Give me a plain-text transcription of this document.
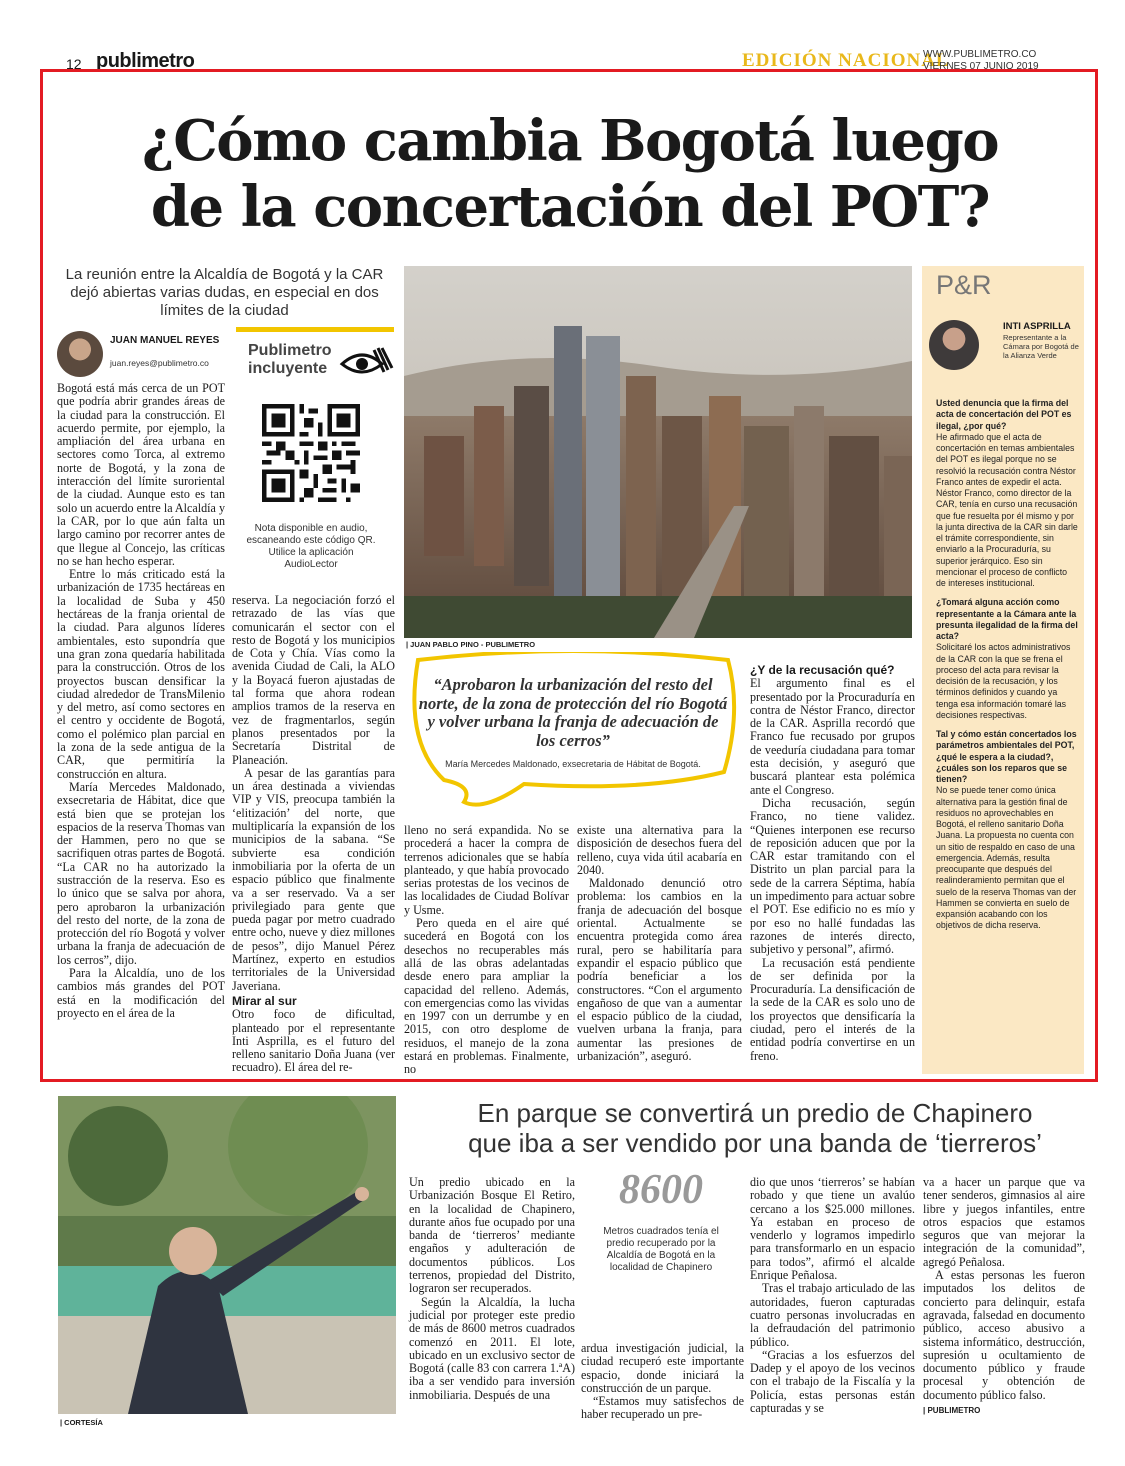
12 publimetro	EDICIÓN NACIONAL
WWW.PUBLIMETRO.CO
VIERNES 07 JUNIO 2019
¿Cómo cambia Bogotá luego
de la concertación del POT?
La reunión entre la Alcaldía de Bogotá y la CAR dejó abiertas varias dudas, en especial en dos límites de la ciudad
JUAN MANUEL REYES
juan.reyes@publimetro.co
Publimetro incluyente
Nota disponible en audio, escaneando este código QR. Utilice la aplicación AudioLector
| JUAN PABLO PINO - PUBLIMETRO
“Aprobaron la urbanización del resto del norte, de la zona de protección del río Bogotá y volver urbana la franja de adecuación de los cerros”
María Mercedes Maldonado, exsecretaria de Hábitat de Bogotá.

Bogotá está más cerca de un POT que podría abrir grandes áreas de la ciudad para la construcción. El acuerdo permite, por ejemplo, la ampliación del área urbana en sectores como Torca, al extremo norte de Bogotá, y la zona de interacción del límite suroriental de la ciudad. Aunque esto es tan solo un acuerdo entre la Alcaldía y la CAR, por lo que aún falta un largo camino por recorrer antes de que llegue al Concejo, las críticas no se han hecho esperar.

Entre lo más criticado está la urbanización de 1735 hectáreas en la localidad de Suba y 450 hectáreas de la franja oriental de la ciudad. Para algunos líderes ambientales, esto supondría que una gran zona quedaría habilitada para la construcción. Otros de los proyectos buscan densificar la ciudad alrededor de TransMilenio y del metro, así como sectores en el centro y occidente de Bogotá, como el polémico plan parcial en la zona de la sede antigua de la CAR, que permitiría la construcción en altura.

María Mercedes Maldonado, exsecretaria de Hábitat, dice que está bien que se protejan los espacios de la reserva Thomas van der Hammen, pero no que se sacrifiquen otras partes de Bogotá. “La CAR no ha autorizado la sustracción de la reserva. Eso es lo único que se salva por ahora, pero aprobaron la urbanización del resto del norte, de la zona de protección del río Bogotá y volver urbana la franja de adecuación de los cerros”, dijo.

Para la Alcaldía, uno de los cambios más grandes del POT está en la modificación del proyecto en el área de la

reserva. La negociación forzó el retrazado de las vías que comunicarán el sector con el resto de Bogotá y los municipios de Cota y Chía. Vías como la avenida Ciudad de Cali, la ALO y la Boyacá fueron ajustadas de tal forma que ahora rodean amplios tramos de la reserva en vez de fragmentarlos, según planos presentados por la Secretaría Distrital de Planeación.

A pesar de las garantías para un área destinada a viviendas VIP y VIS, preocupa también la ‘elitización’ del norte, que multiplicaría la expansión de los municipios de la sabana. “Se subvierte esa condición inmobiliaria por la oferta de un espacio público que finalmente va a ser reservado. Va a ser privilegiado para gente que pueda pagar por metro cuadrado entre ocho, nueve y diez millones de pesos”, dijo Manuel Pérez Martínez, experto en estudios territoriales de la Universidad Javeriana.

Mirar al sur

Otro foco de dificultad, planteado por el representante Inti Asprilla, es el futuro del relleno sanitario Doña Juana (ver recuadro). El área del re-

lleno no será expandida. No se procederá a hacer la compra de terrenos adicionales que se había planteado, y que había provocado serias protestas de los vecinos de las localidades de Ciudad Bolívar y Usme.

Pero queda en el aire qué sucederá en Bogotá con los desechos no recuperables más allá de las obras adelantadas desde enero para ampliar la capacidad del relleno. Además, con emergencias como las vividas en 1997 con un derrumbe y en 2015, con otro desplome de residuos, el manejo de la zona estará en problemas. Finalmente, no

existe una alternativa para la disposición de desechos fuera del relleno, cuya vida útil acabaría en 2040.

Maldonado denunció otro problema: los cambios en la franja de adecuación del bosque oriental. Actualmente se encuentra protegida como área rural, pero se habilitaría para expandir el espacio público que podría beneficiar a los constructores. “Con el argumento engañoso de que van a aumentar el espacio público de la ciudad, vuelven urbana la franja, para aumentar las presiones de urbanización”, aseguró.

¿Y de la recusación qué?

El argumento final es el presentado por la Procuraduría en contra de Néstor Franco, director de la CAR. Asprilla recordó que Franco fue recusado por grupos de veeduría ciudadana para tomar esta decisión, y aseguró que buscará plantear esta polémica ante el Congreso.

Dicha recusación, según Franco, no tiene validez. “Quienes interponen ese recurso de reposición aducen que por la CAR estar tramitando con el Distrito un plan parcial para la sede de la carrera Séptima, había un impedimento para actuar sobre el POT. Ese edificio no es mío y por eso no hallé fundadas las razones de interés directo, subjetivo y personal”, afirmó.

La recusación está pendiente de ser definida por la Procuraduría. La densificación de la sede de la CAR es solo uno de los proyectos que densificaría la ciudad, pero el interés de la entidad podría convertirse en un freno.

P&R
INTI ASPRILLA
Representante a la Cámara por Bogotá de la Alianza Verde

Usted denuncia que la firma del acta de concertación del POT es ilegal, ¿por qué?
He afirmado que el acta de concertación en temas ambientales del POT es ilegal porque no se resolvió la recusación contra Néstor Franco antes de expedir el acta. Néstor Franco, como director de la CAR, tenía en curso una recusación que fue resuelta por él mismo y por la junta directiva de la CAR sin darle el trámite correspondiente, sin enviarlo a la Procuraduría, su superior jerárquico. Eso sin mencionar el proceso de conflicto de intereses institucional.

¿Tomará alguna acción como representante a la Cámara ante la presunta ilegalidad de la firma del acta?
Solicitaré los actos administrativos de la CAR con la que se frena el proceso del acta para revisar la decisión de la recusación, y los términos definidos y cuando ya tenga esa información tomaré las decisiones respectivas.

Tal y cómo están concertados los parámetros ambientales del POT, ¿qué le espera a la ciudad?, ¿cuáles son los reparos que se tienen?
No se puede tener como única alternativa para la gestión final de residuos no aprovechables en Bogotá, el relleno sanitario Doña Juana. La propuesta no cuenta con un sitio de respaldo en caso de una emergencia. Además, resulta preocupante que después del realinderamiento permitan que el suelo de la reserva Thomas van der Hammen se convierta en suelo de expansión acabando con los objetivos de dicha reserva.

| CORTESÍA
En parque se convertirá un predio de Chapinero
que iba a ser vendido por una banda de ‘tierreros’
8600
Metros cuadrados tenía el predio recuperado por la Alcaldía de Bogotá en la localidad de Chapinero

Un predio ubicado en la Urbanización Bosque El Retiro, en la localidad de Chapinero, durante años fue ocupado por una banda de ‘tierreros’ mediante engaños y adulteración de documentos públicos. Los terrenos, propiedad del Distrito, lograron ser recuperados.

Según la Alcaldía, la lucha judicial por proteger este predio de más de 8600 metros cuadrados comenzó en 2011. El lote, ubicado en un exclusivo sector de Bogotá (calle 83 con carrera 1.ªA) iba a ser vendido para inversión inmobiliaria. Después de una

ardua investigación judicial, la ciudad recuperó este importante espacio, donde iniciará la construcción de un parque.

“Estamos muy satisfechos de haber recuperado un pre-

dio que unos ‘tierreros’ se habían robado y que tiene un avalúo cercano a los $25.000 millones. Ya estaban en proceso de venderlo y logramos impedirlo para transformarlo en un espacio para todos”, afirmó el alcalde Enrique Peñalosa.

Tras el trabajo articulado de las autoridades, fueron capturadas cuatro personas involucradas en la defraudación del patrimonio público.

“Gracias a los esfuerzos del Dadep y el apoyo de los vecinos con el trabajo de la Fiscalía y la Policía, estas personas están capturadas y se

va a hacer un parque que va tener senderos, gimnasios al aire libre y juegos infantiles, entre otros espacios que estamos seguros que van mejorar la integración de la comunidad”, agregó Peñalosa.

A estas personas les fueron imputados los delitos de concierto para delinquir, estafa agravada, falsedad en documento público, acceso abusivo a sistema informático, destrucción, supresión u ocultamiento de documento público y fraude procesal y obtención de documento público falso.

| PUBLIMETRO
